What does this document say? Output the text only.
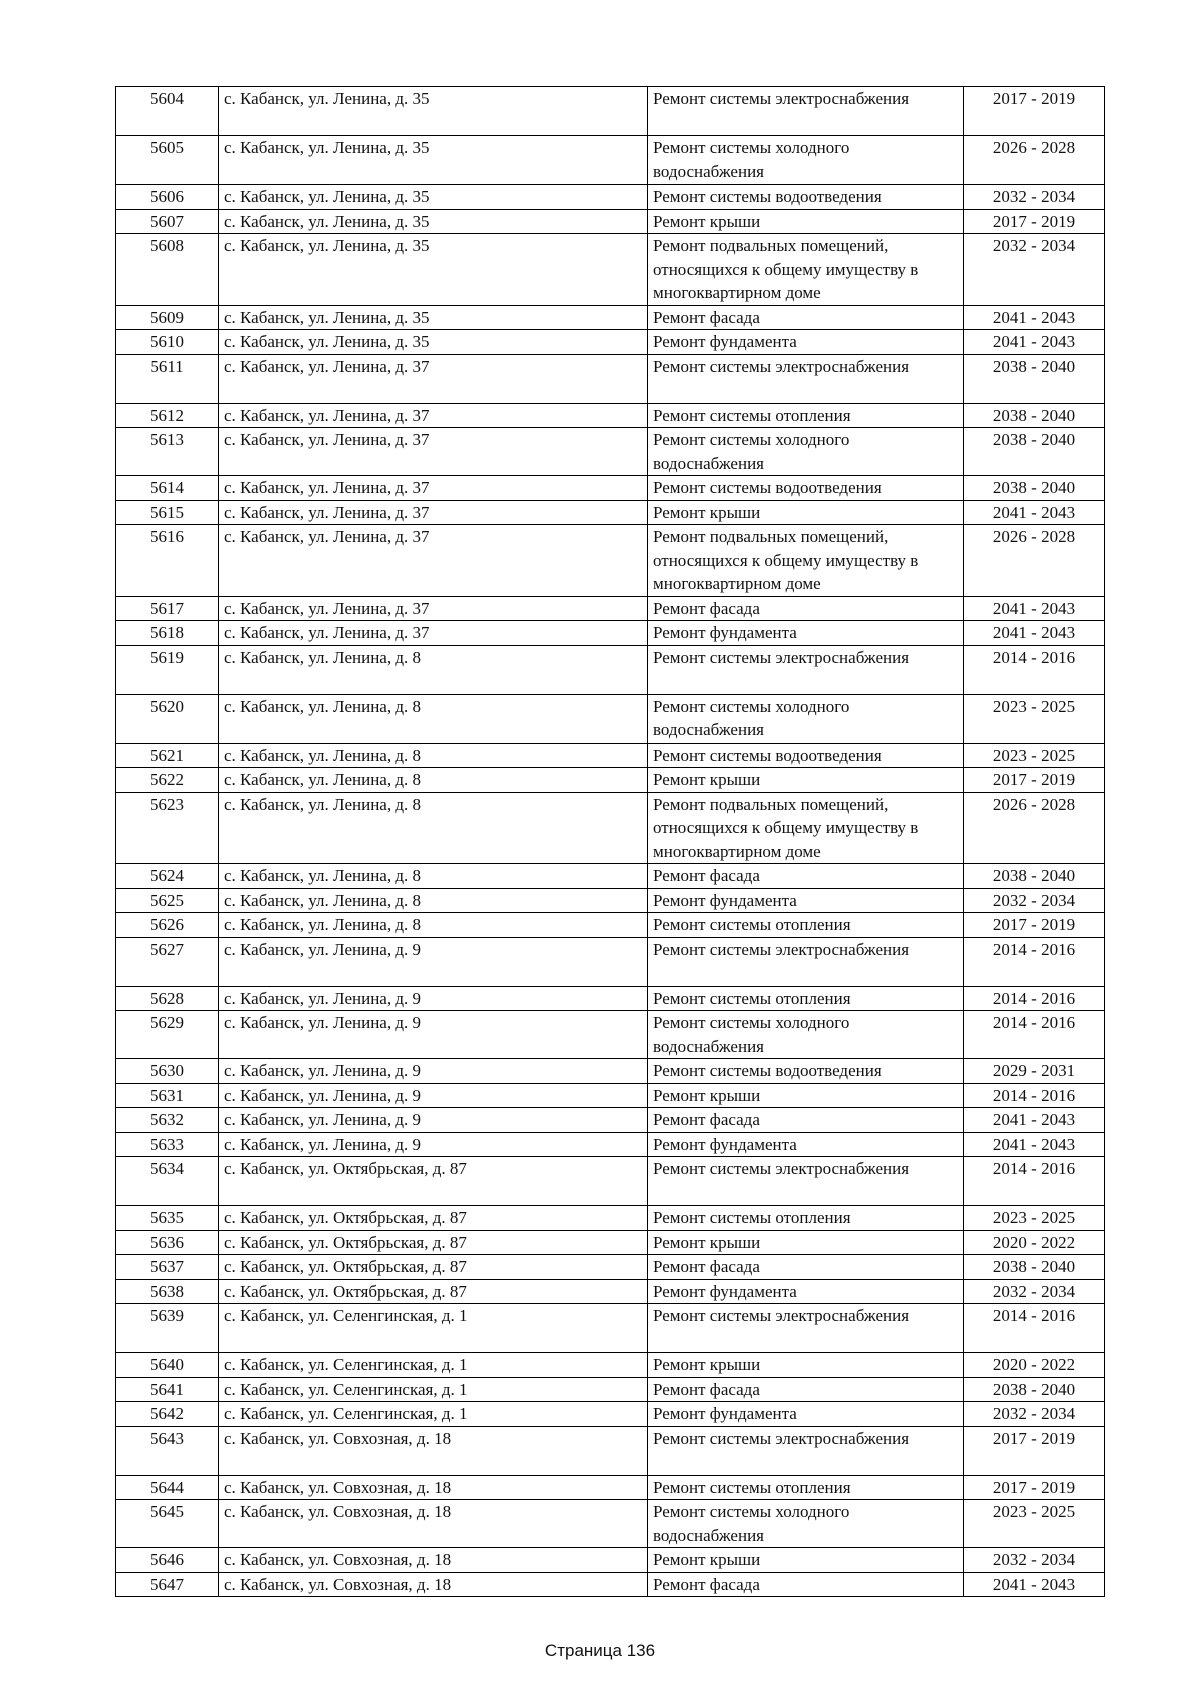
5604	с. Кабанск, ул. Ленина, д. 35	Ремонт системы электроснабжения	2017 - 2019
5605	с. Кабанск, ул. Ленина, д. 35	Ремонт системы холодного водоснабжения	2026 - 2028
5606	с. Кабанск, ул. Ленина, д. 35	Ремонт системы водоотведения	2032 - 2034
5607	с. Кабанск, ул. Ленина, д. 35	Ремонт крыши	2017 - 2019
5608	с. Кабанск, ул. Ленина, д. 35	Ремонт подвальных помещений, относящихся к общему имуществу в многоквартирном доме	2032 - 2034
5609	с. Кабанск, ул. Ленина, д. 35	Ремонт фасада	2041 - 2043
5610	с. Кабанск, ул. Ленина, д. 35	Ремонт фундамента	2041 - 2043
5611	с. Кабанск, ул. Ленина, д. 37	Ремонт системы электроснабжения	2038 - 2040
5612	с. Кабанск, ул. Ленина, д. 37	Ремонт системы отопления	2038 - 2040
5613	с. Кабанск, ул. Ленина, д. 37	Ремонт системы холодного водоснабжения	2038 - 2040
5614	с. Кабанск, ул. Ленина, д. 37	Ремонт системы водоотведения	2038 - 2040
5615	с. Кабанск, ул. Ленина, д. 37	Ремонт крыши	2041 - 2043
5616	с. Кабанск, ул. Ленина, д. 37	Ремонт подвальных помещений, относящихся к общему имуществу в многоквартирном доме	2026 - 2028
5617	с. Кабанск, ул. Ленина, д. 37	Ремонт фасада	2041 - 2043
5618	с. Кабанск, ул. Ленина, д. 37	Ремонт фундамента	2041 - 2043
5619	с. Кабанск, ул. Ленина, д. 8	Ремонт системы электроснабжения	2014 - 2016
5620	с. Кабанск, ул. Ленина, д. 8	Ремонт системы холодного водоснабжения	2023 - 2025
5621	с. Кабанск, ул. Ленина, д. 8	Ремонт системы водоотведения	2023 - 2025
5622	с. Кабанск, ул. Ленина, д. 8	Ремонт крыши	2017 - 2019
5623	с. Кабанск, ул. Ленина, д. 8	Ремонт подвальных помещений, относящихся к общему имуществу в многоквартирном доме	2026 - 2028
5624	с. Кабанск, ул. Ленина, д. 8	Ремонт фасада	2038 - 2040
5625	с. Кабанск, ул. Ленина, д. 8	Ремонт фундамента	2032 - 2034
5626	с. Кабанск, ул. Ленина, д. 8	Ремонт системы отопления	2017 - 2019
5627	с. Кабанск, ул. Ленина, д. 9	Ремонт системы электроснабжения	2014 - 2016
5628	с. Кабанск, ул. Ленина, д. 9	Ремонт системы отопления	2014 - 2016
5629	с. Кабанск, ул. Ленина, д. 9	Ремонт системы холодного водоснабжения	2014 - 2016
5630	с. Кабанск, ул. Ленина, д. 9	Ремонт системы водоотведения	2029 - 2031
5631	с. Кабанск, ул. Ленина, д. 9	Ремонт крыши	2014 - 2016
5632	с. Кабанск, ул. Ленина, д. 9	Ремонт фасада	2041 - 2043
5633	с. Кабанск, ул. Ленина, д. 9	Ремонт фундамента	2041 - 2043
5634	с. Кабанск, ул. Октябрьская, д. 87	Ремонт системы электроснабжения	2014 - 2016
5635	с. Кабанск, ул. Октябрьская, д. 87	Ремонт системы отопления	2023 - 2025
5636	с. Кабанск, ул. Октябрьская, д. 87	Ремонт крыши	2020 - 2022
5637	с. Кабанск, ул. Октябрьская, д. 87	Ремонт фасада	2038 - 2040
5638	с. Кабанск, ул. Октябрьская, д. 87	Ремонт фундамента	2032 - 2034
5639	с. Кабанск, ул. Селенгинская, д. 1	Ремонт системы электроснабжения	2014 - 2016
5640	с. Кабанск, ул. Селенгинская, д. 1	Ремонт крыши	2020 - 2022
5641	с. Кабанск, ул. Селенгинская, д. 1	Ремонт фасада	2038 - 2040
5642	с. Кабанск, ул. Селенгинская, д. 1	Ремонт фундамента	2032 - 2034
5643	с. Кабанск, ул. Совхозная, д. 18	Ремонт системы электроснабжения	2017 - 2019
5644	с. Кабанск, ул. Совхозная, д. 18	Ремонт системы отопления	2017 - 2019
5645	с. Кабанск, ул. Совхозная, д. 18	Ремонт системы холодного водоснабжения	2023 - 2025
5646	с. Кабанск, ул. Совхозная, д. 18	Ремонт крыши	2032 - 2034
5647	с. Кабанск, ул. Совхозная, д. 18	Ремонт фасада	2041 - 2043
Страница 136
